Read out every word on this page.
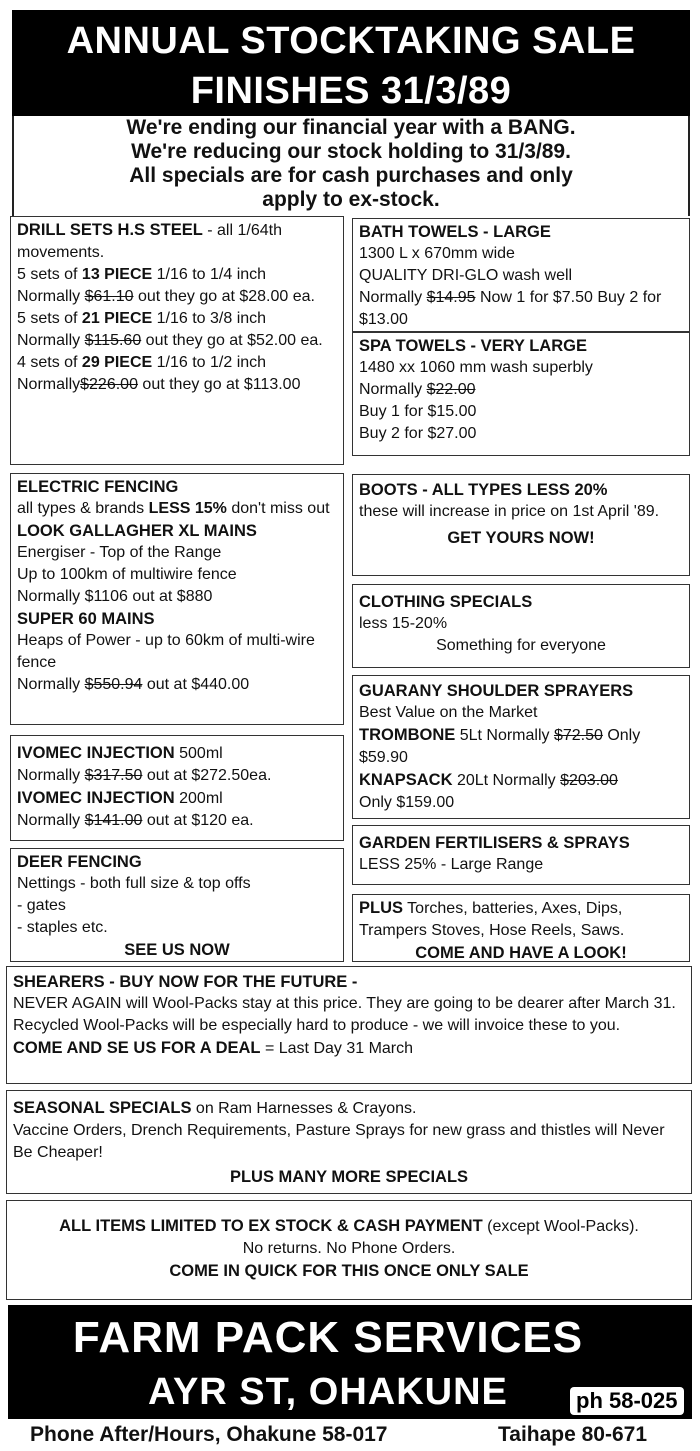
ANNUAL STOCKTAKING SALE
FINISHES 31/3/89
We're ending our financial year with a BANG.
We're reducing our stock holding to 31/3/89.
All specials are for cash purchases and only
apply to ex-stock.
DRILL SETS H.S STEEL - all 1/64th movements.
5 sets of 13 PIECE 1/16 to 1/4 inch
Normally $61.10 out they go at $28.00 ea.
5 sets of 21 PIECE 1/16 to 3/8 inch
Normally $115.60 out they go at $52.00 ea.
4 sets of 29 PIECE 1/16 to 1/2 inch
Normally$226.00 out they go at $113.00
ELECTRIC FENCING
all types & brands LESS 15% don't miss out
LOOK GALLAGHER XL MAINS
Energiser - Top of the Range
Up to 100km of multiwire fence
Normally $1106 out at $880
SUPER 60 MAINS
Heaps of Power - up to 60km of multi-wire fence
Normally $550.94 out at $440.00
IVOMEC INJECTION 500ml
Normally $317.50 out at $272.50ea.
IVOMEC INJECTION 200ml
Normally $141.00 out at $120 ea.
DEER FENCING
Nettings - both full size & top offs
- gates
- staples etc.
SEE US NOW
BATH TOWELS - LARGE
1300 L x 670mm wide
QUALITY DRI-GLO wash well
Normally $14.95 Now 1 for $7.50 Buy 2 for $13.00
SPA TOWELS - VERY LARGE
1480 xx 1060 mm wash superbly
Normally $22.00
Buy 1 for $15.00
Buy 2 for $27.00
BOOTS - ALL TYPES LESS 20%
these will increase in price on 1st April '89.
GET YOURS NOW!
CLOTHING SPECIALS
less 15-20%
Something for everyone
GUARANY SHOULDER SPRAYERS
Best Value on the Market
TROMBONE 5Lt Normally $72.50 Only $59.90
KNAPSACK 20Lt Normally $203.00
Only $159.00
GARDEN FERTILISERS & SPRAYS
LESS 25% - Large Range
PLUS Torches, batteries, Axes, Dips, Trampers Stoves, Hose Reels, Saws.
COME AND HAVE A LOOK!
SHEARERS - BUY NOW FOR THE FUTURE -
NEVER AGAIN will Wool-Packs stay at this price. They are going to be dearer after March 31. Recycled Wool-Packs will be especially hard to produce - we will invoice these to you.
COME AND SE US FOR A DEAL = Last Day 31 March
SEASONAL SPECIALS on Ram Harnesses & Crayons.
Vaccine Orders, Drench Requirements, Pasture Sprays for new grass and thistles will Never Be Cheaper!
PLUS MANY MORE SPECIALS
ALL ITEMS LIMITED TO EX STOCK & CASH PAYMENT (except Wool-Packs).
No returns. No Phone Orders.
COME IN QUICK FOR THIS ONCE ONLY SALE
FARM PACK SERVICES
AYR ST, OHAKUNE	ph 58-025
Phone After/Hours, Ohakune 58-017	Taihape 80-671
